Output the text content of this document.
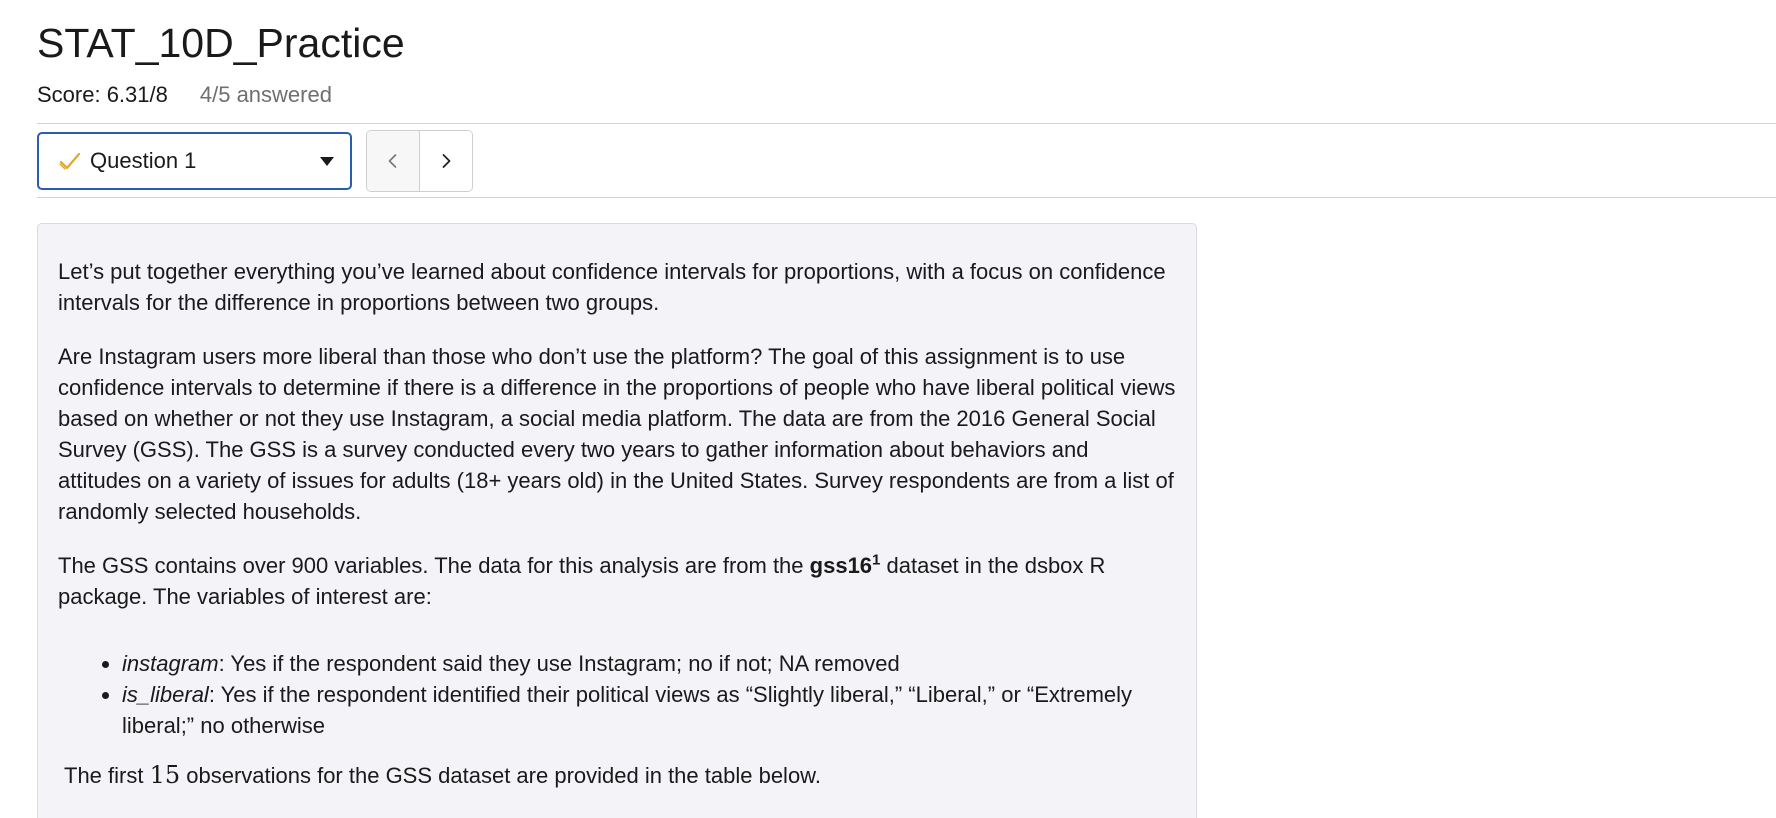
STAT_10D_Practice
Score: 6.31/8 4/5 answered
Question 1

Let’s put together everything you’ve learned about confidence intervals for proportions, with a focus on confidence intervals for the difference in proportions between two groups.

Are Instagram users more liberal than those who don’t use the platform? The goal of this assignment is to use confidence intervals to determine if there is a difference in the proportions of people who have liberal political views based on whether or not they use Instagram, a social media platform. The data are from the 2016 General Social Survey (GSS). The GSS is a survey conducted every two years to gather information about behaviors and attitudes on a variety of issues for adults (18+ years old) in the United States. Survey respondents are from a list of randomly selected households.

The GSS contains over 900 variables. The data for this analysis are from the $gss16^1$ dataset in the dsbox R package. The variables of interest are:

• instagram: Yes if the respondent said they use Instagram; no if not; NA removed
• is_liberal: Yes if the respondent identified their political views as “Slightly liberal,” “Liberal,” or “Extremely liberal;” no otherwise

The first 15 observations for the GSS dataset are provided in the table below.
